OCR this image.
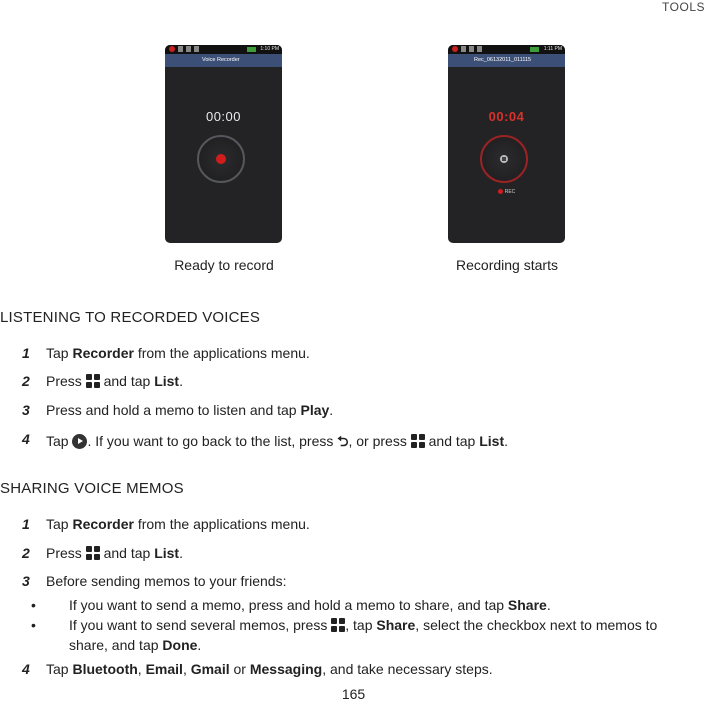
TOOLS
1:10 PM
Voice Recorder
00:00
1:11 PM
Rec_06132011_011115
00:04
REC
Ready to record	Recording starts
LISTENING TO RECORDED VOICES
1 Tap Recorder from the applications menu.
2 Press
and tap List.
3 Press and hold a memo to listen and tap Play.
4 Tap . If you want to go back to the list, press ⮌, or press
and tap List.
SHARING VOICE MEMOS
1 Tap Recorder from the applications menu.
2 Press
and tap List.
3 Before sending memos to your friends:
• If you want to send a memo, press and hold a memo to share, and tap Share.
• If you want to send several memos, press
, tap Share, select the checkbox next to memos to share, and tap Done.
4 Tap Bluetooth, Email, Gmail or Messaging, and take necessary steps.
165
